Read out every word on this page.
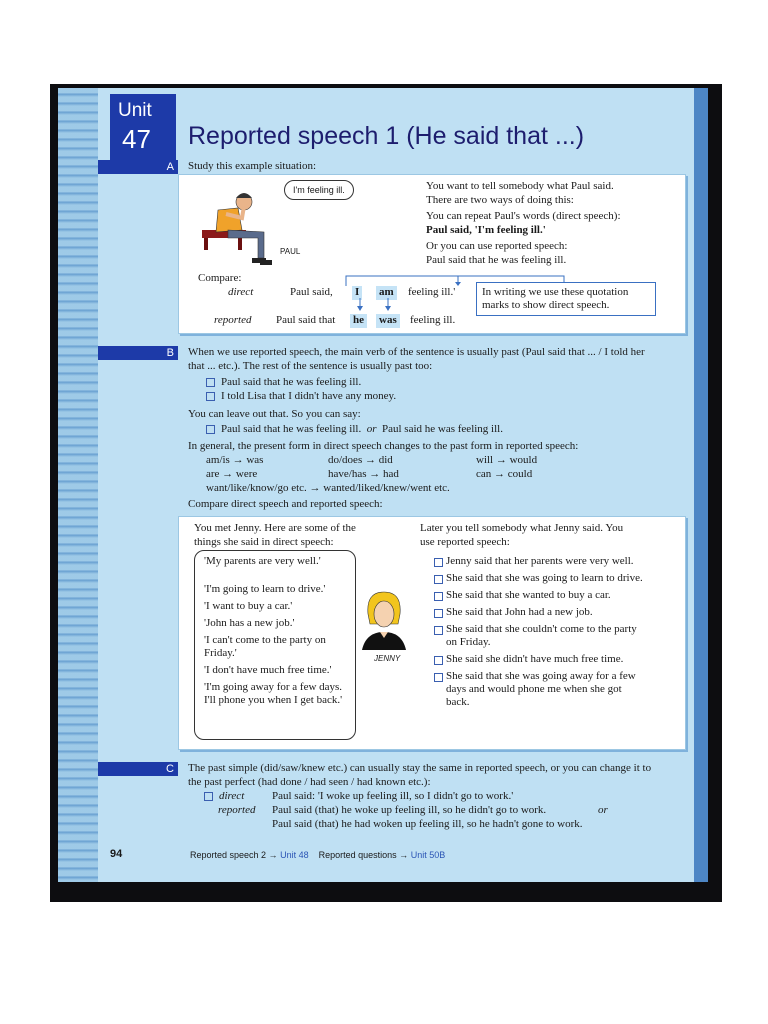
Unit
47 Reported speech 1 (He said that ...)
A	Study this example situation:
I'm feeling ill.
PAUL
You want to tell somebody what Paul said.
There are two ways of doing this:
You can repeat Paul's words (direct speech):
Paul said, 'I'm feeling ill.'
Or you can use reported speech:
Paul said that he was feeling ill.
Compare:
direct	Paul said, I am feeling ill.'
reported Paul said that he was feeling ill.
In writing we use these quotation marks to show direct speech.
B	When we use reported speech, the main verb of the sentence is usually past (Paul said that ... / I told her that ... etc.). The rest of the sentence is usually past too:
Paul said that he was feeling ill.
I told Lisa that I didn't have any money.
You can leave out that. So you can say:
Paul said that he was feeling ill. or Paul said he was feeling ill.
In general, the present form in direct speech changes to the past form in reported speech:
am/is → was	do/does → did	will → would
are → were	have/has → had	can → could
want/like/know/go etc. → wanted/liked/knew/went etc.
Compare direct speech and reported speech:
You met Jenny. Here are some of the things she said in direct speech:
Later you tell somebody what Jenny said. You use reported speech:
'My parents are very well.'
'I'm going to learn to drive.'
'I want to buy a car.'
'John has a new job.'
'I can't come to the party on Friday.'
'I don't have much free time.'
'I'm going away for a few days. I'll phone you when I get back.'
JENNY
Jenny said that her parents were very well.
She said that she was going to learn to drive.
She said that she wanted to buy a car.
She said that John had a new job.
She said that she couldn't come to the party on Friday.
She said she didn't have much free time.
She said that she was going away for a few days and would phone me when she got back.
C	The past simple (did/saw/knew etc.) can usually stay the same in reported speech, or you can change it to the past perfect (had done / had seen / had known etc.):
direct	Paul said: 'I woke up feeling ill, so I didn't go to work.'
reported Paul said (that) he woke up feeling ill, so he didn't go to work.	or
Paul said (that) he had woken up feeling ill, so he hadn't gone to work.
94	Reported speech 2 → Unit 48 Reported questions → Unit 50B
